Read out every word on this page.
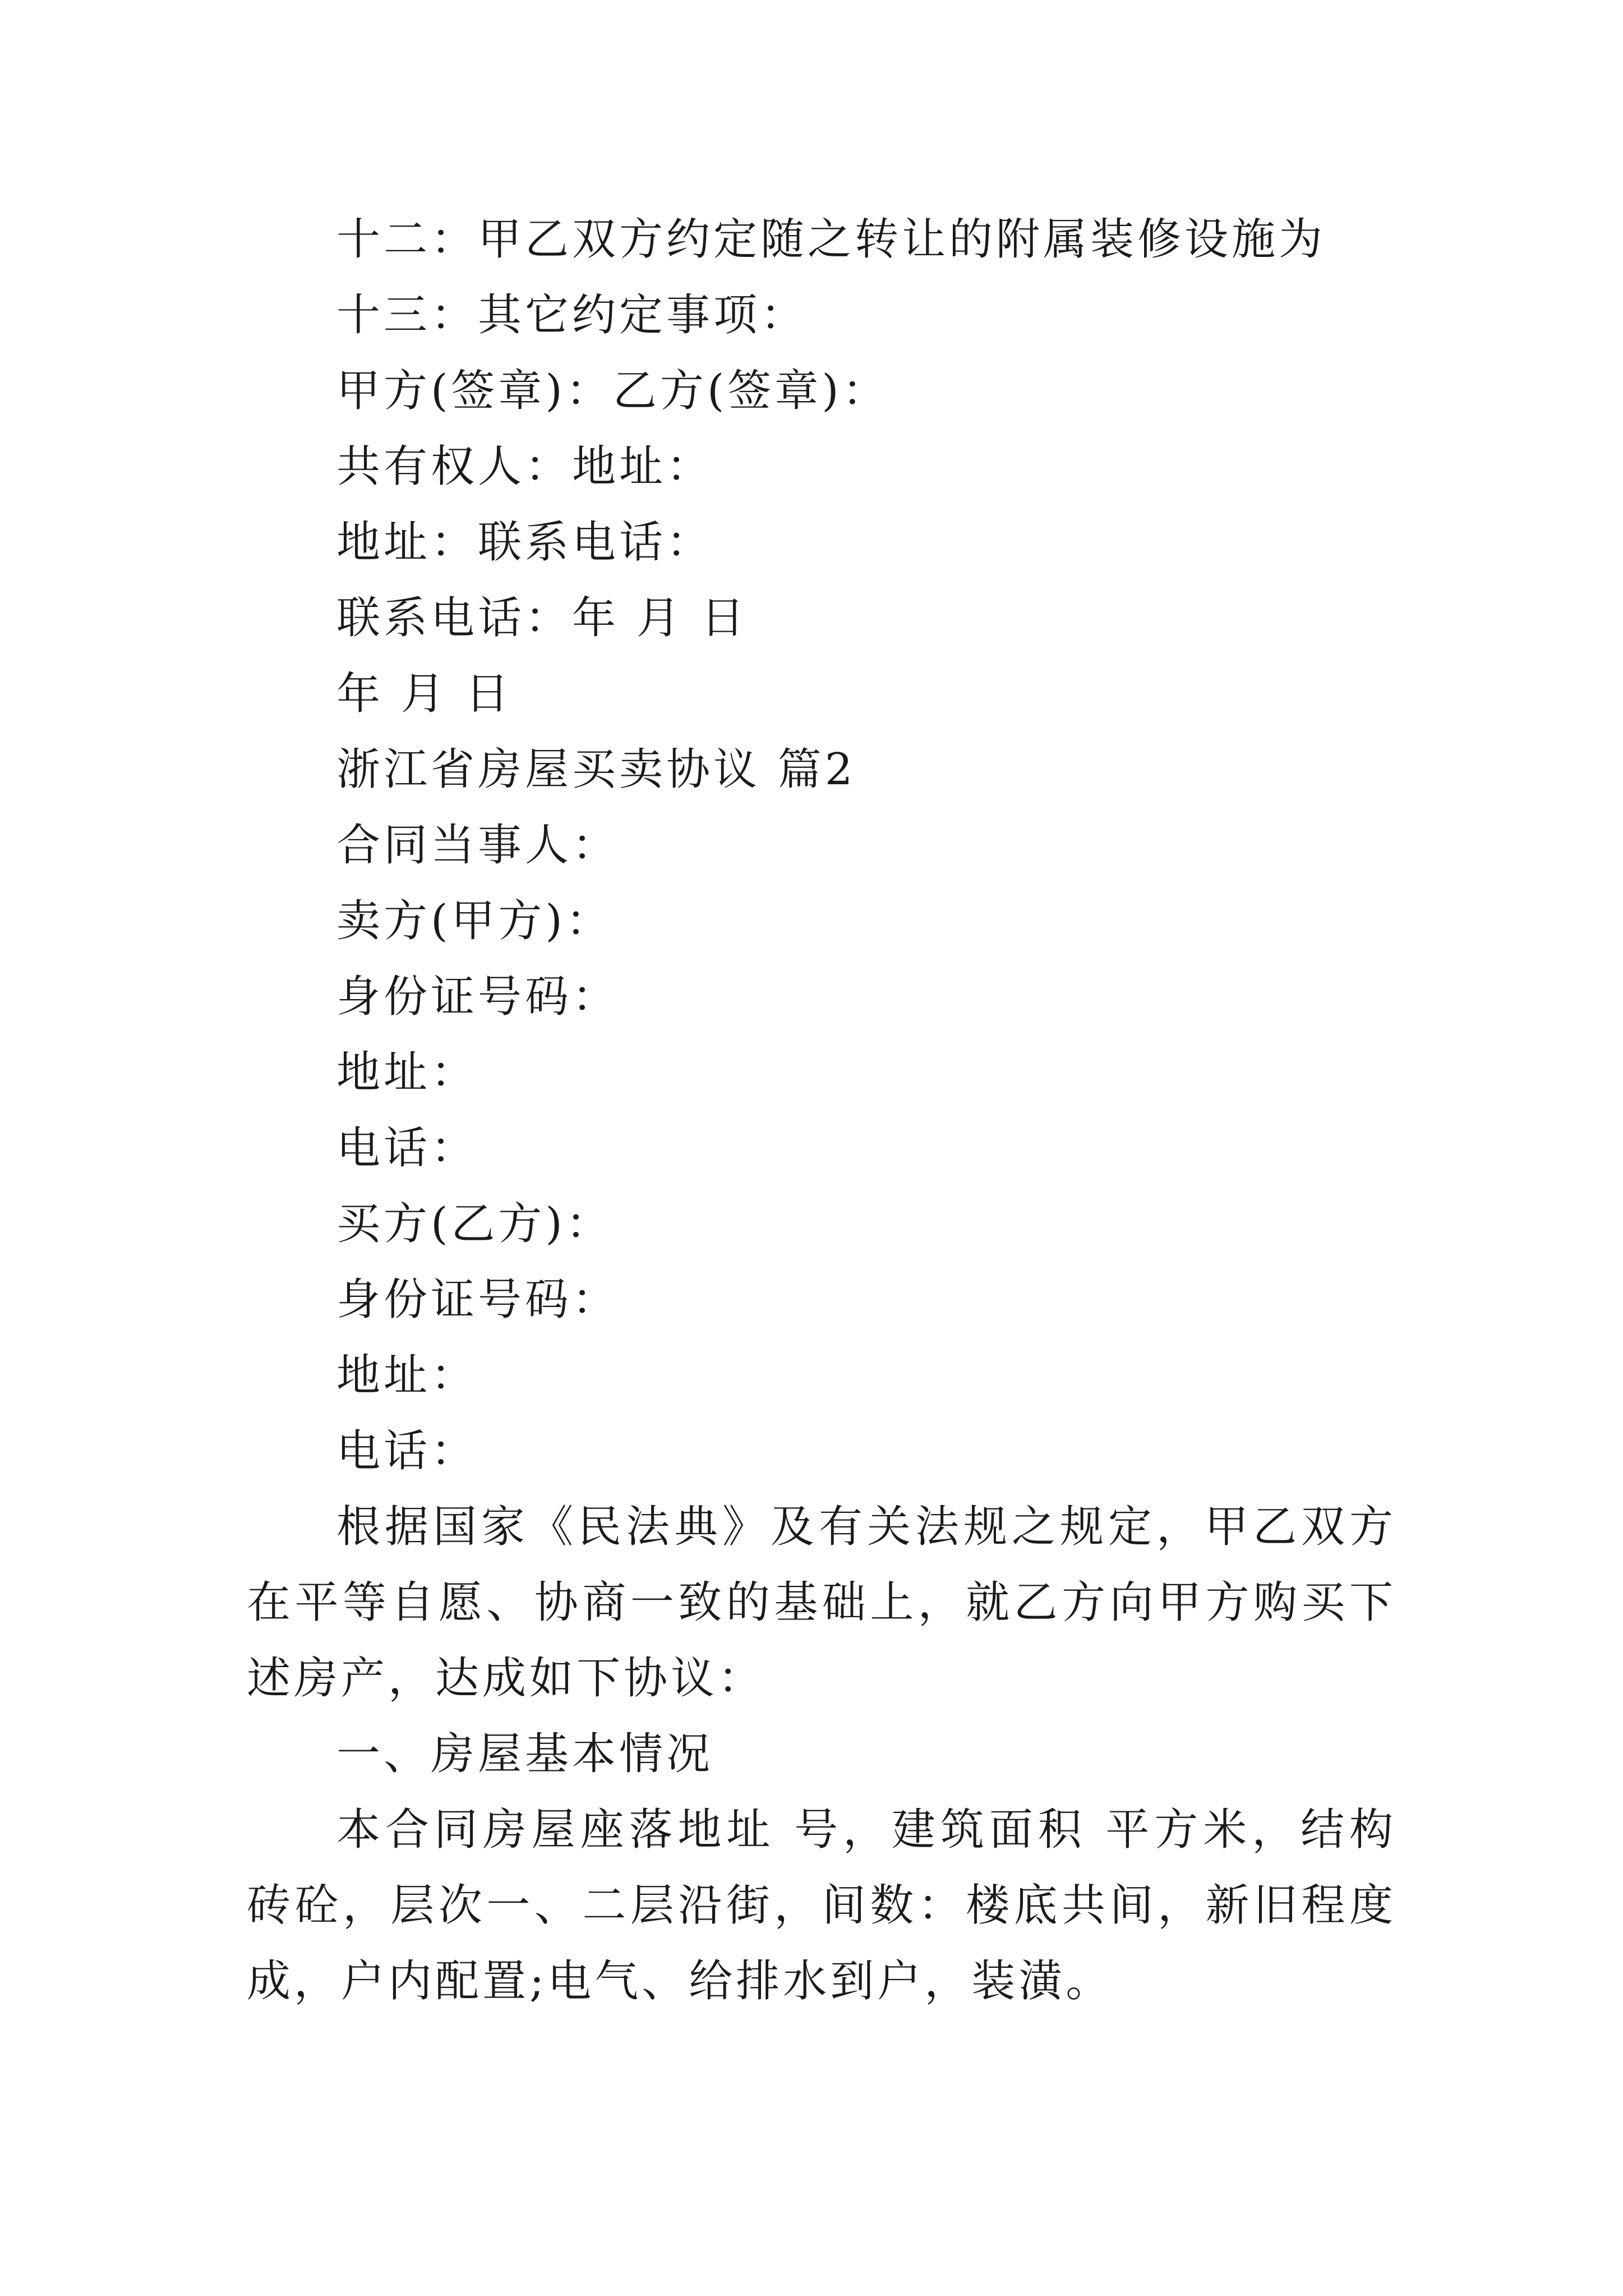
十二：甲乙双方约定随之转让的附属装修设施为

十三：其它约定事项：

甲方(签章)：乙方(签章)：

共有权人：地址：

地址：联系电话：

联系电话：年 月 日

年 月 日

浙江省房屋买卖协议 篇2

合同当事人：

卖方(甲方)：

身份证号码：

地址：

电话：

买方(乙方)：

身份证号码：

地址：

电话：

根据国家《民法典》及有关法规之规定，甲乙双方在平等自愿、协商一致的基础上，就乙方向甲方购买下述房产，达成如下协议：

一、房屋基本情况

本合同房屋座落地址 号，建筑面积 平方米，结构砖砼，层次一、二层沿街，间数：楼底共间，新旧程度成，户内配置;电气、给排水到户，装潢。
